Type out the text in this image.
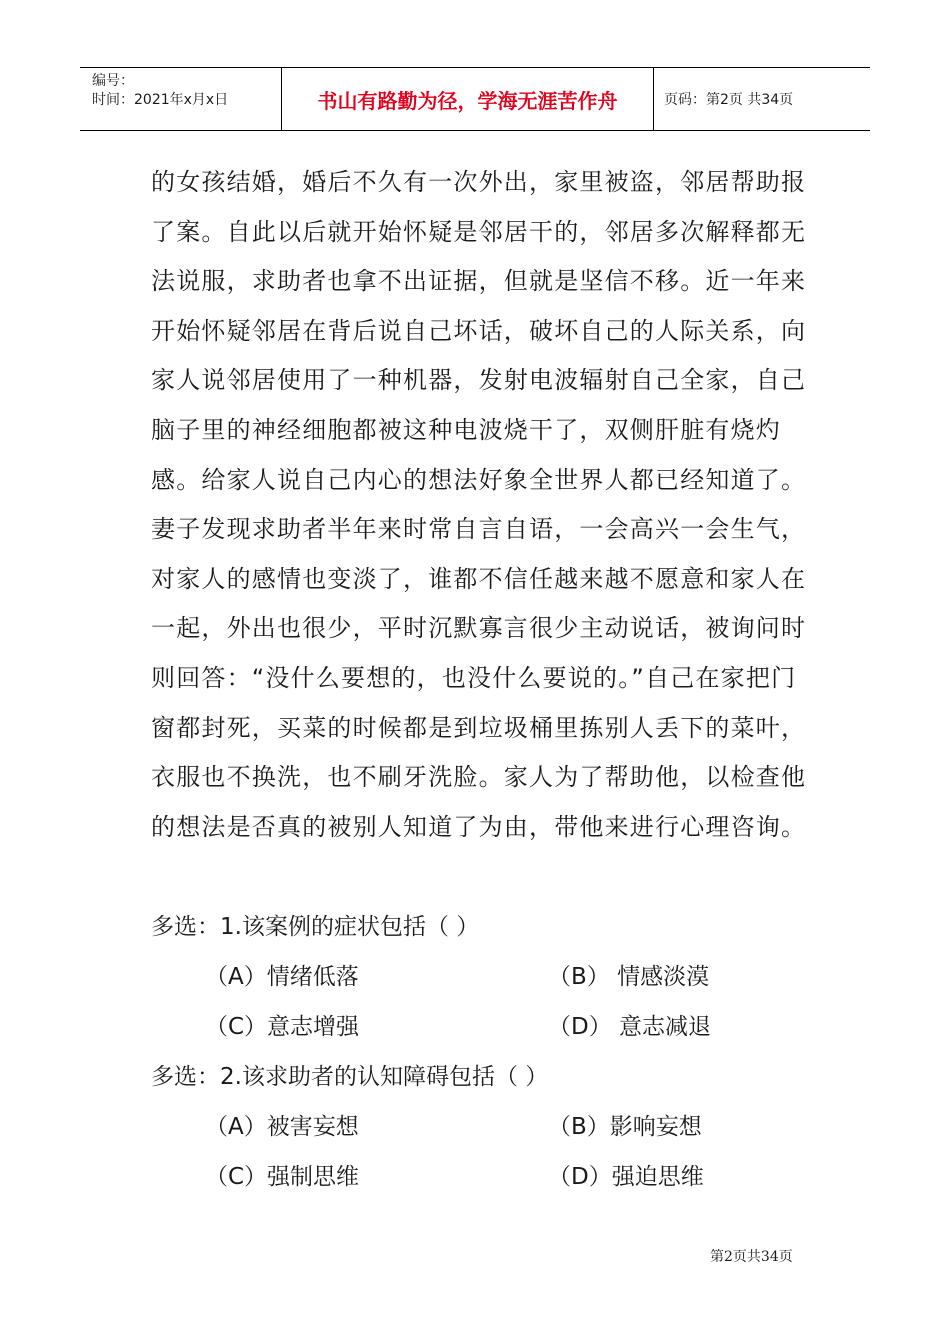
编号：
时间：2021年x月x日	书山有路勤为径，学海无涯苦作舟	页码：第2页 共34页

的女孩结婚，婚后不久有一次外出，家里被盗，邻居帮助报了案。自此以后就开始怀疑是邻居干的，邻居多次解释都无法说服，求助者也拿不出证据，但就是坚信不移。近一年来开始怀疑邻居在背后说自己坏话，破坏自己的人际关系，向家人说邻居使用了一种机器，发射电波辐射自己全家，自己脑子里的神经细胞都被这种电波烧干了，双侧肝脏有烧灼感。给家人说自己内心的想法好象全世界人都已经知道了。妻子发现求助者半年来时常自言自语，一会高兴一会生气，对家人的感情也变淡了，谁都不信任越来越不愿意和家人在一起，外出也很少，平时沉默寡言很少主动说话，被询问时则回答：“没什么要想的，也没什么要说的。”自己在家把门窗都封死，买菜的时候都是到垃圾桶里拣别人丢下的菜叶，衣服也不换洗，也不刷牙洗脸。家人为了帮助他，以检查他的想法是否真的被别人知道了为由，带他来进行心理咨询。

多选：1.该案例的症状包括（ ）
（A）情绪低落	（B） 情感淡漠
（C）意志增强	（D） 意志减退
多选：2.该求助者的认知障碍包括（ ）
（A）被害妄想	（B）影响妄想
（C）强制思维	（D）强迫思维
第2页共34页
